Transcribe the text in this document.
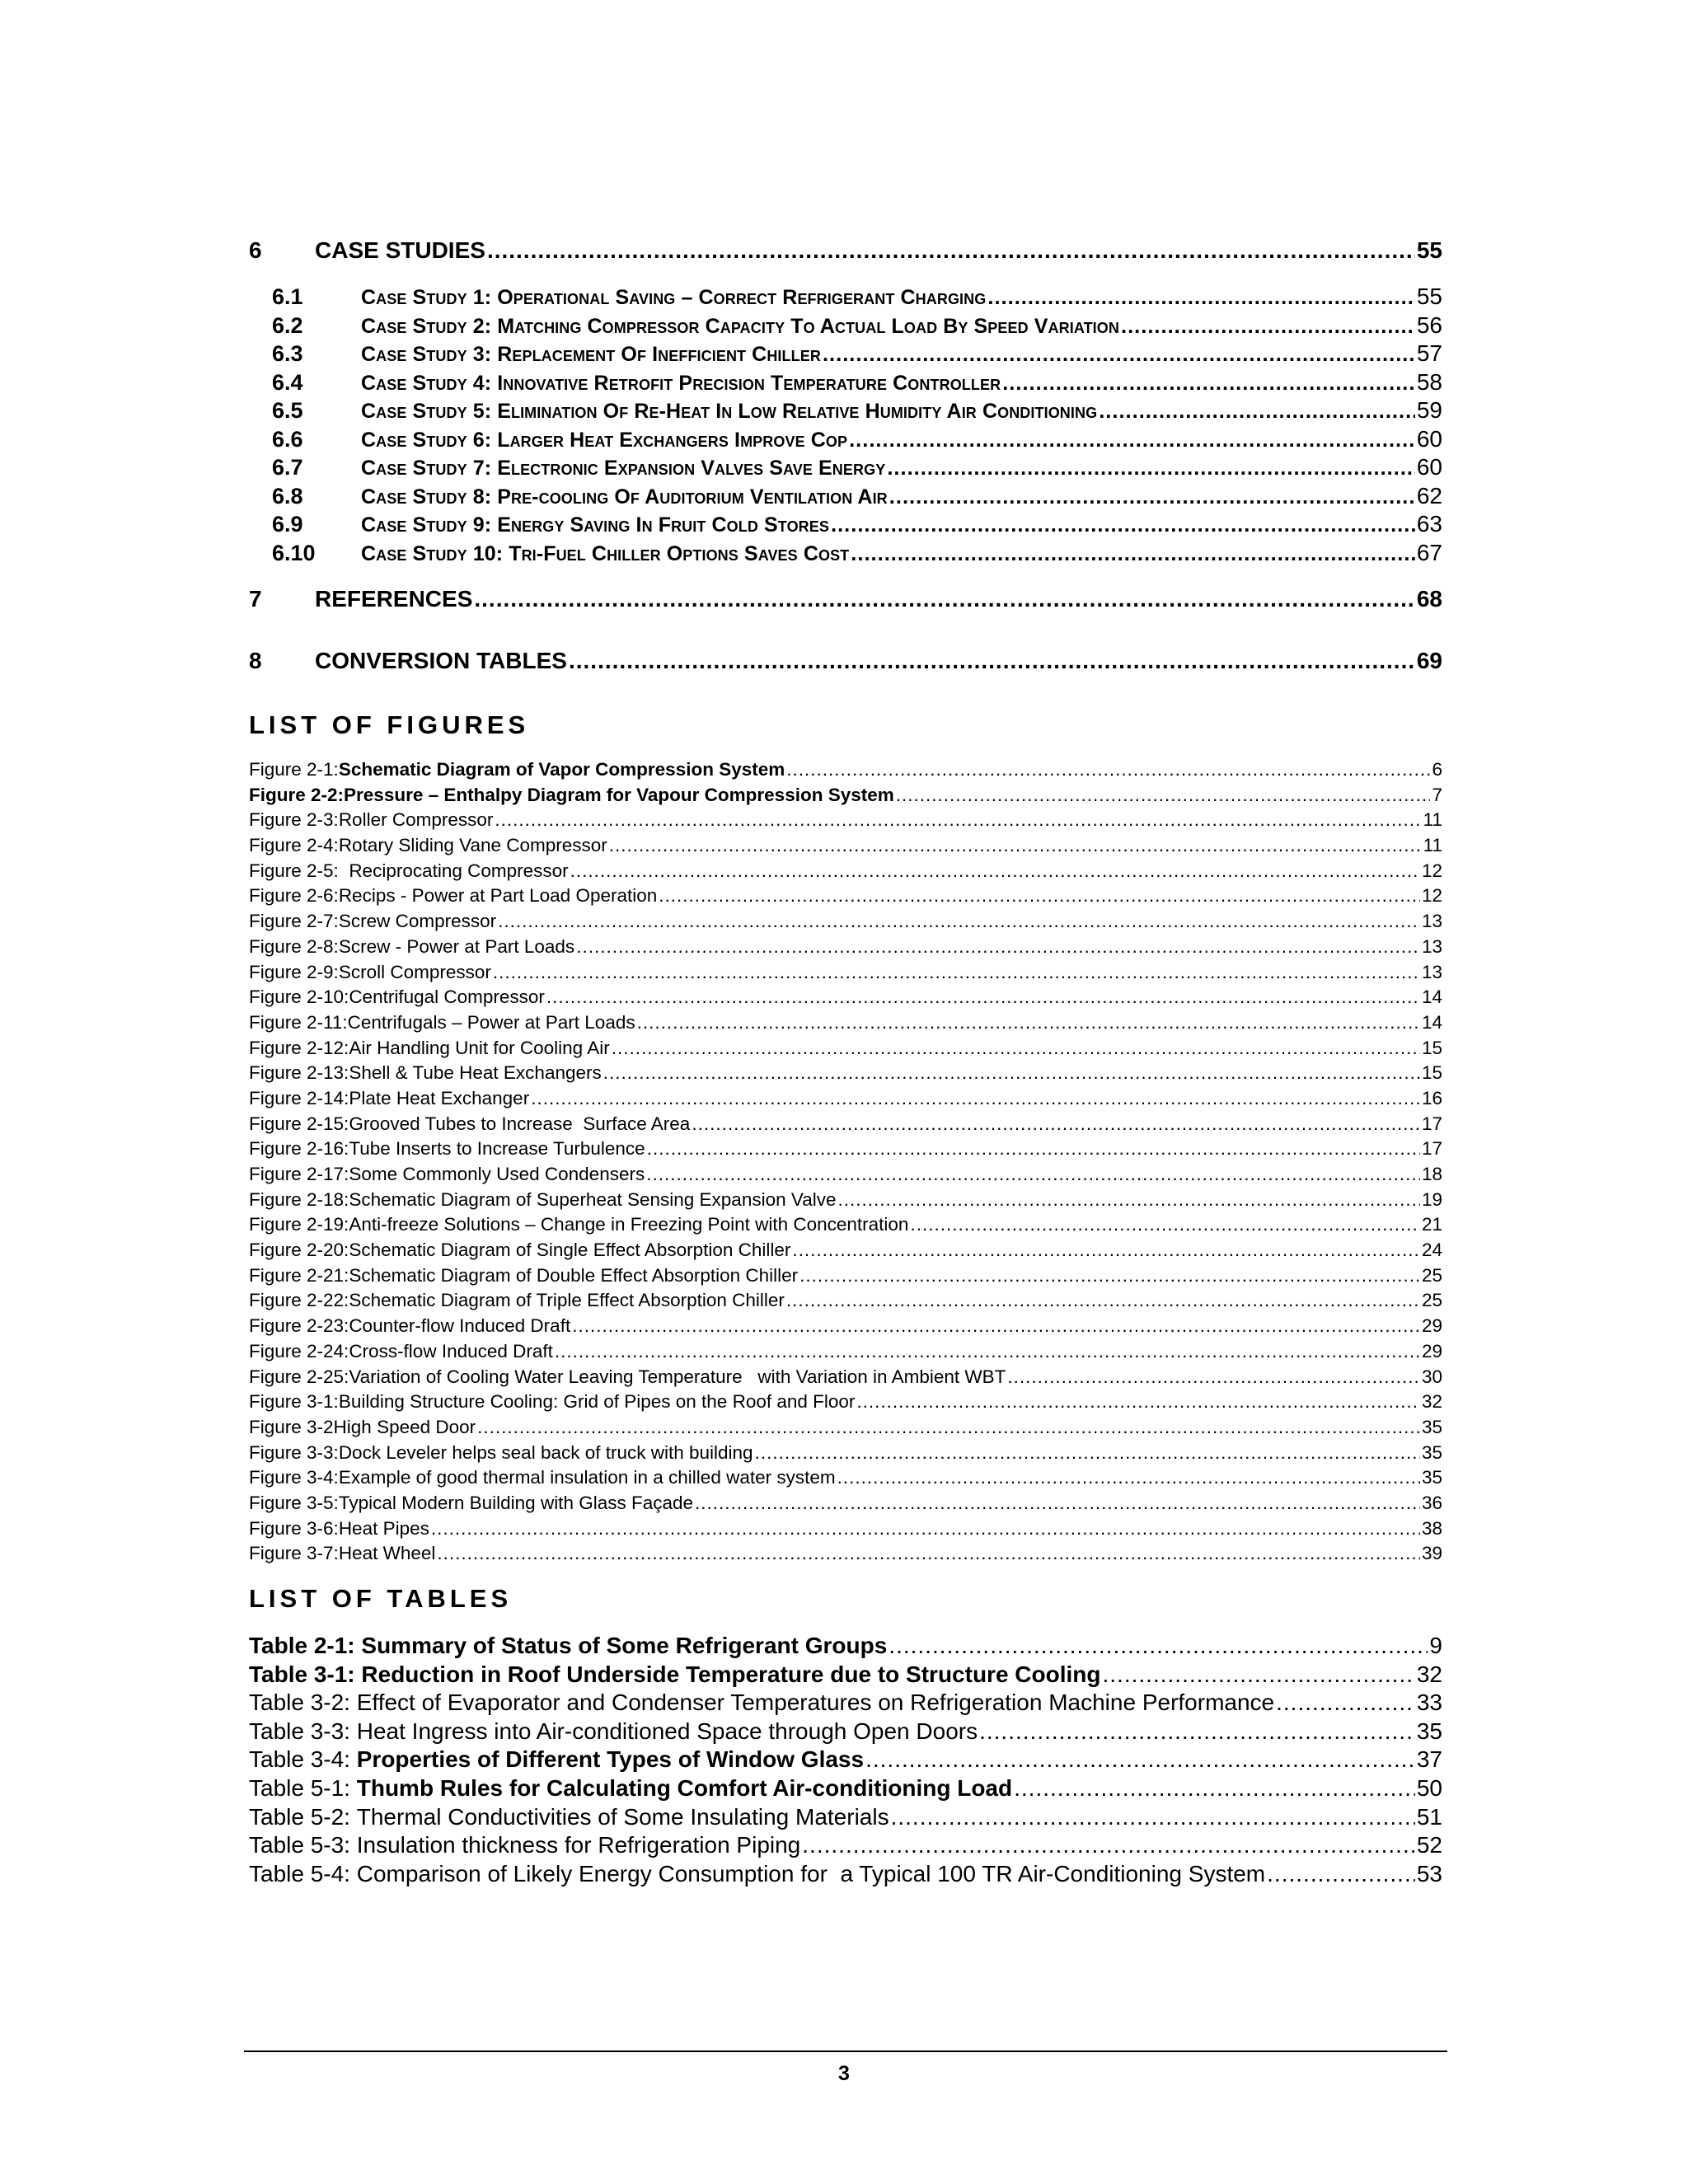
6	CASE STUDIES .....	55
6.1	Case Study 1: Operational Saving – Correct Refrigerant Charging .....	55
6.2	Case Study 2: Matching Compressor Capacity To Actual Load By Speed Variation .....	56
6.3	Case Study 3: Replacement Of Inefficient Chiller .....	57
6.4	Case Study 4: Innovative Retrofit Precision Temperature Controller .....	58
6.5	Case Study 5: Elimination Of Re-Heat In Low Relative Humidity Air Conditioning .....	59
6.6	Case Study 6: Larger Heat Exchangers Improve Cop .....	60
6.7	Case Study 7: Electronic Expansion Valves Save Energy .....	60
6.8	Case Study 8: Pre-cooling Of Auditorium Ventilation Air .....	62
6.9	Case Study 9: Energy Saving In Fruit Cold Stores .....	63
6.10	Case Study 10: Tri-Fuel Chiller Options Saves Cost .....	67
7	REFERENCES .....	68
8	CONVERSION TABLES .....	69
LIST OF FIGURES
Figure 2-1: Schematic Diagram of Vapor Compression System .....	6
Figure 2-2: Pressure – Enthalpy Diagram for Vapour Compression System .....	7
Figure 2-3: Roller Compressor .....	11
Figure 2-4: Rotary Sliding Vane Compressor .....	11
Figure 2-5: Reciprocating Compressor .....	12
Figure 2-6: Recips - Power at Part Load Operation .....	12
Figure 2-7: Screw Compressor .....	13
Figure 2-8: Screw - Power at Part Loads .....	13
Figure 2-9: Scroll Compressor .....	13
Figure 2-10: Centrifugal Compressor .....	14
Figure 2-11: Centrifugals – Power at Part Loads .....	14
Figure 2-12: Air Handling Unit for Cooling Air .....	15
Figure 2-13: Shell & Tube Heat Exchangers .....	15
Figure 2-14: Plate Heat Exchanger .....	16
Figure 2-15: Grooved Tubes to Increase  Surface Area .....	17
Figure 2-16: Tube Inserts to Increase Turbulence .....	17
Figure 2-17: Some Commonly Used Condensers .....	18
Figure 2-18: Schematic Diagram of Superheat Sensing Expansion Valve .....	19
Figure 2-19: Anti-freeze Solutions – Change in Freezing Point with Concentration .....	21
Figure 2-20: Schematic Diagram of Single Effect Absorption Chiller .....	24
Figure 2-21: Schematic Diagram of Double Effect Absorption Chiller .....	25
Figure 2-22: Schematic Diagram of Triple Effect Absorption Chiller .....	25
Figure 2-23: Counter-flow Induced Draft .....	29
Figure 2-24: Cross-flow Induced Draft .....	29
Figure 2-25: Variation of Cooling Water Leaving Temperature   with Variation in Ambient WBT .....	30
Figure 3-1: Building Structure Cooling: Grid of Pipes on the Roof and Floor .....	32
Figure 3-2 High Speed Door .....	35
Figure 3-3: Dock Leveler helps seal back of truck with building .....	35
Figure 3-4: Example of good thermal insulation in a chilled water system .....	35
Figure 3-5: Typical Modern Building with Glass Façade .....	36
Figure 3-6: Heat Pipes .....	38
Figure 3-7: Heat Wheel .....	39
LIST OF TABLES
Table 2-1: Summary of Status of Some Refrigerant Groups .....	9
Table 3-1: Reduction in Roof Underside Temperature due to Structure Cooling .....	32
Table 3-2: Effect of Evaporator and Condenser Temperatures on Refrigeration Machine Performance .....	33
Table 3-3: Heat Ingress into Air-conditioned Space through Open Doors .....	35
Table 3-4: Properties of Different Types of Window Glass .....	37
Table 5-1: Thumb Rules for Calculating Comfort Air-conditioning Load .....	50
Table 5-2: Thermal Conductivities of Some Insulating Materials .....	51
Table 5-3: Insulation thickness for Refrigeration Piping .....	52
Table 5-4: Comparison of Likely Energy Consumption for  a Typical 100 TR Air-Conditioning System .....	53
3
